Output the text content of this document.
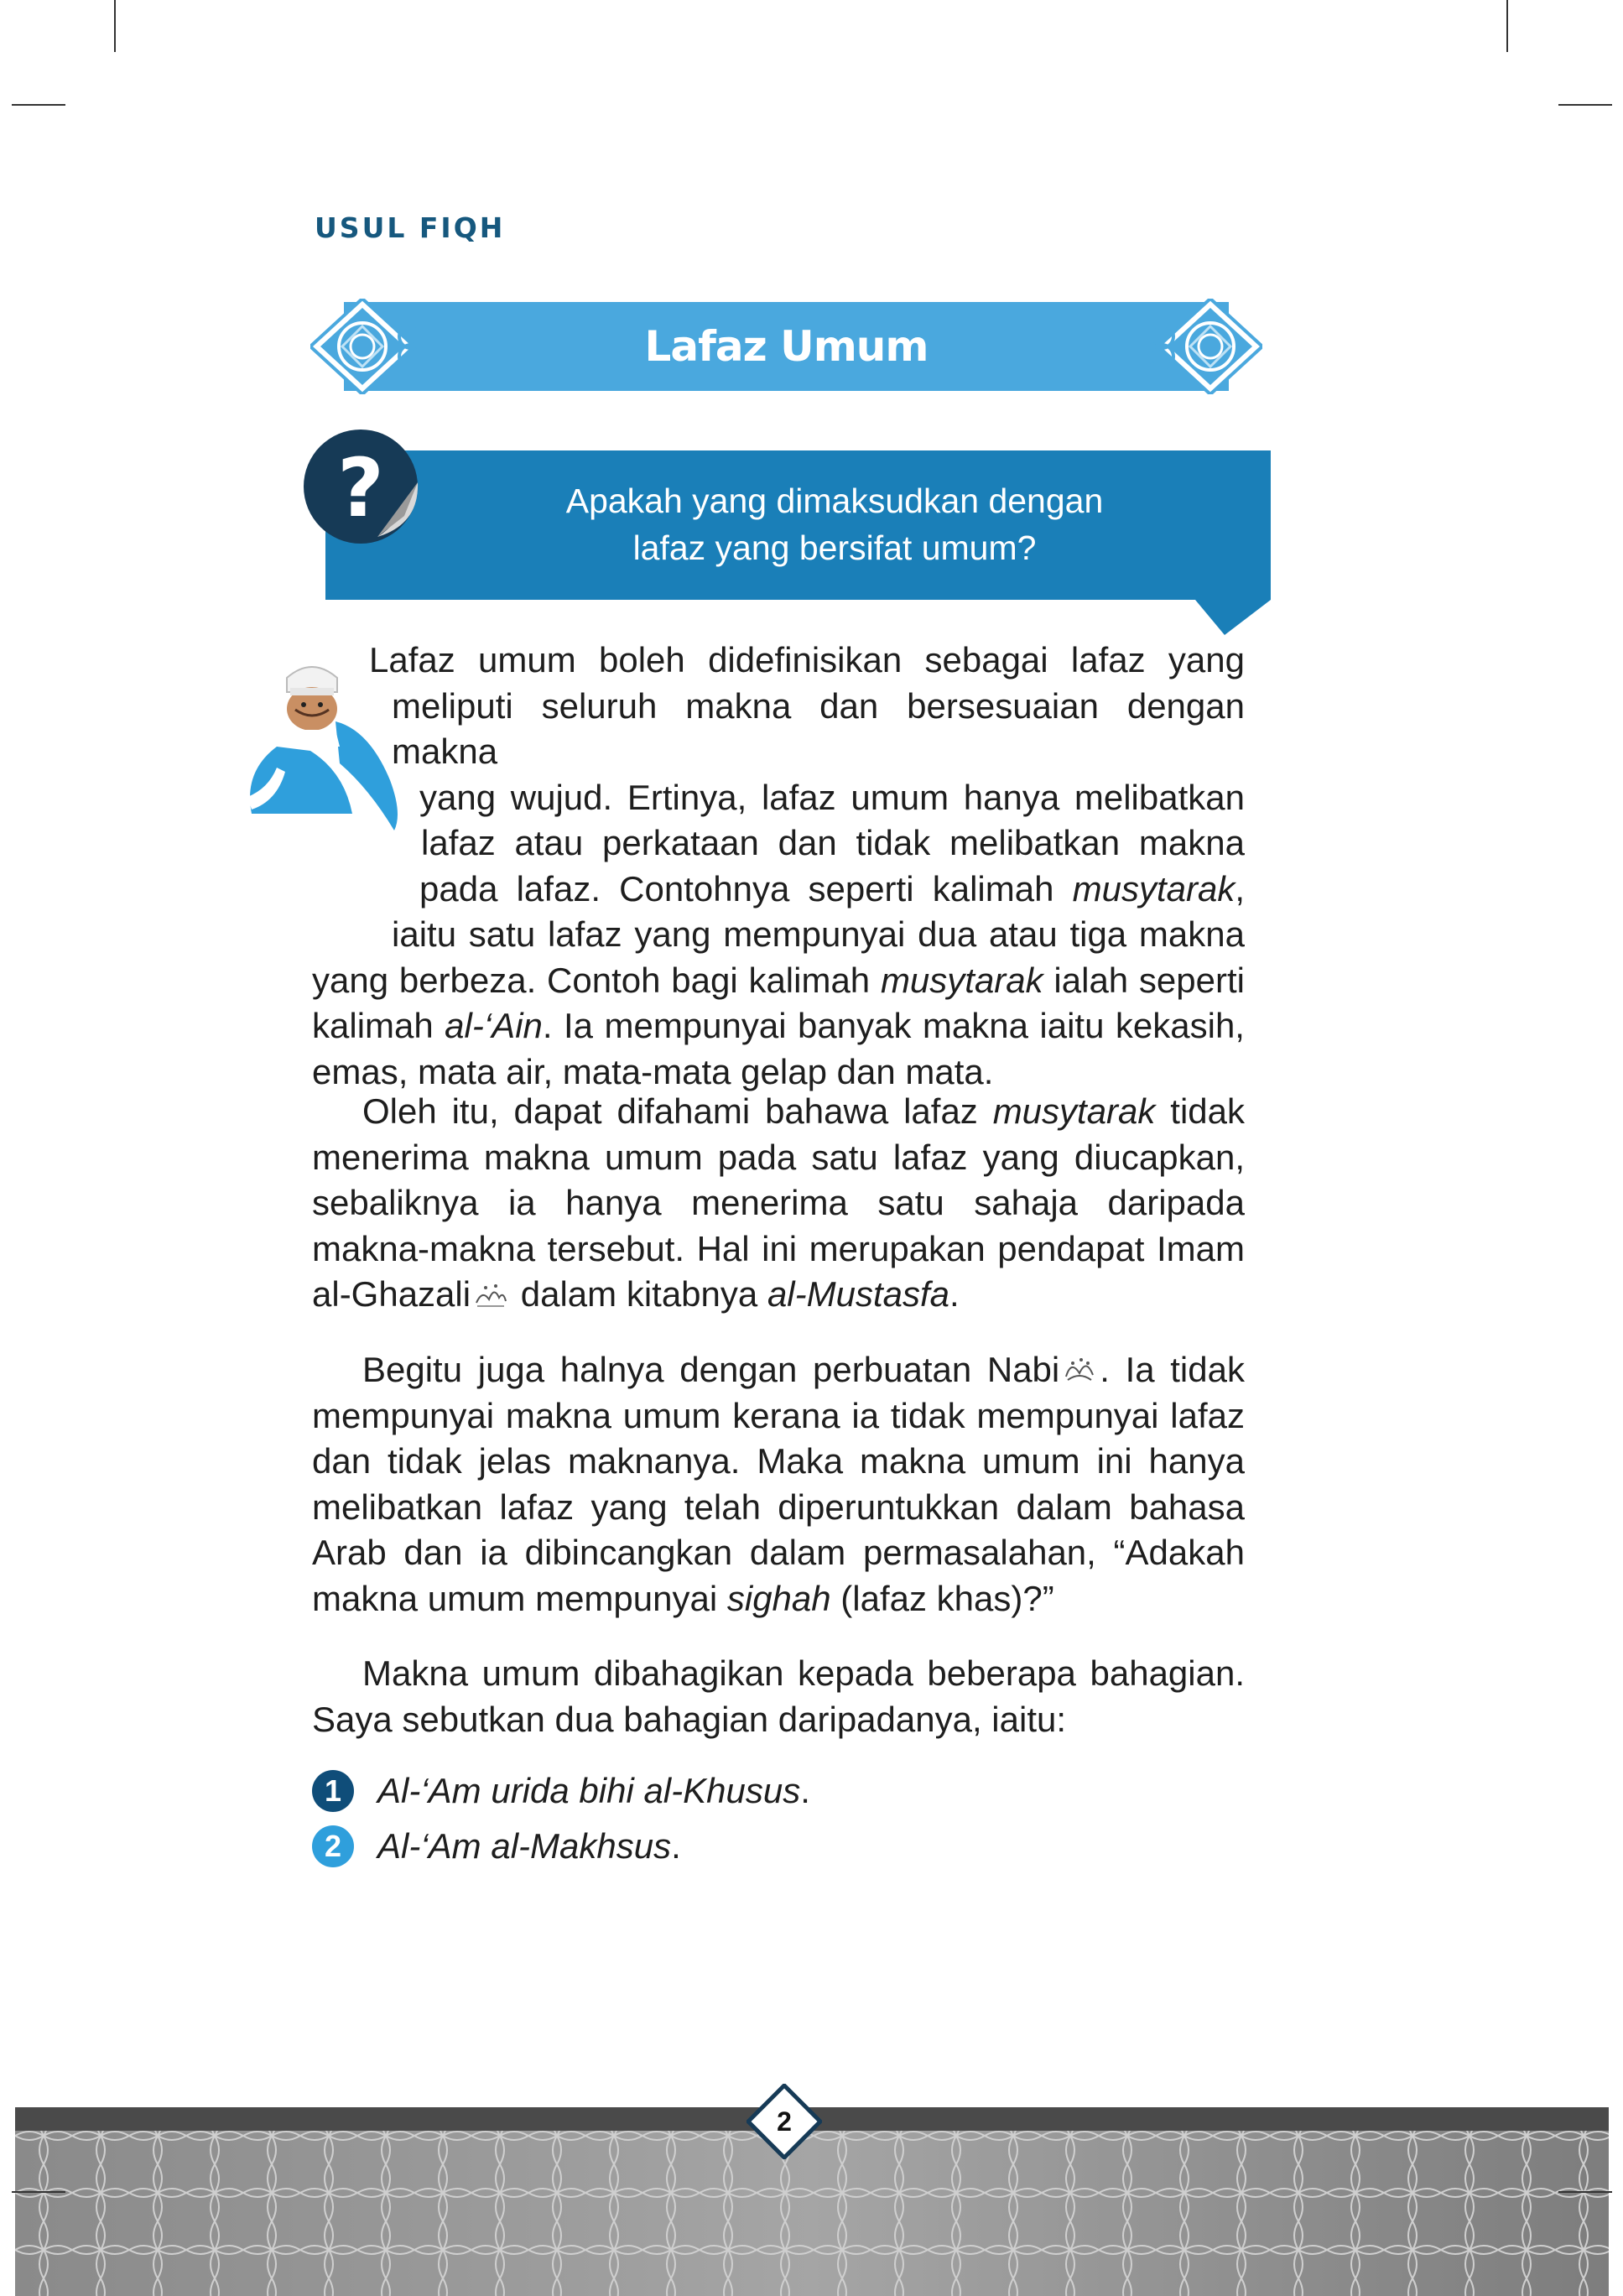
USUL FIQH
Lafaz Umum
?	Apakah yang dimaksudkan dengan
lafaz yang bersifat umum?
Lafaz umum boleh didefinisikan sebagai lafaz yang
meliputi seluruh makna dan bersesuaian dengan makna
yang wujud. Ertinya, lafaz umum hanya melibatkan
lafaz atau perkataan dan tidak melibatkan makna
pada lafaz. Contohnya seperti kalimah musytarak,
iaitu satu lafaz yang mempunyai dua atau tiga makna
yang berbeza. Contoh bagi kalimah musytarak ialah seperti
kalimah al-‘Ain. Ia mempunyai banyak makna iaitu kekasih,
emas, mata air, mata-mata gelap dan mata.
Oleh itu, dapat difahami bahawa lafaz musytarak tidak
menerima makna umum pada satu lafaz yang diucapkan,
sebaliknya ia hanya menerima satu sahaja daripada
makna-makna tersebut. Hal ini merupakan pendapat Imam
al-Ghazali dalam kitabnya al-Mustasfa.
Begitu juga halnya dengan perbuatan Nabi . Ia tidak
mempunyai makna umum kerana ia tidak mempunyai lafaz
dan tidak jelas maknanya. Maka makna umum ini hanya
melibatkan lafaz yang telah diperuntukkan dalam bahasa
Arab dan ia dibincangkan dalam permasalahan, “Adakah
makna umum mempunyai sighah (lafaz khas)?”
Makna umum dibahagikan kepada beberapa bahagian.
Saya sebutkan dua bahagian daripadanya, iaitu:
1	Al-‘Am urida bihi al-Khusus.
2	Al-‘Am al-Makhsus.
2
